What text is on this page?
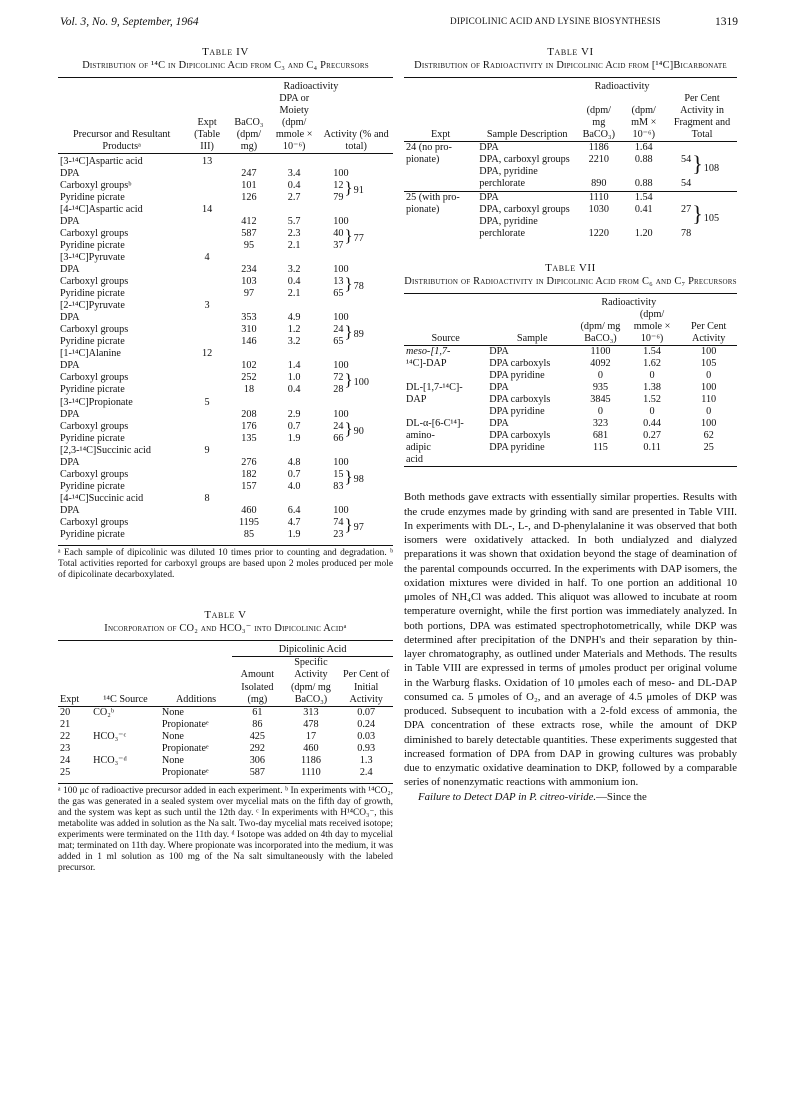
Vol. 3, No. 9, September, 1964	DIPICOLINIC ACID AND LYSINE BIOSYNTHESIS	1319
Table IV
Distribution of ¹⁴C in Dipicolinic Acid from C₃ and C₄ Precursors
		Radioactivity		
Precursor and Resultant Productsᵃ	Expt (Table III)	BaCO₃ (dpm/ mg)	DPA or Moiety (dpm/ mmole × 10⁻⁶)	Activity (% and total)
[3-¹⁴C]Aspartic acid	13			
DPA		247	3.4	100
Carboxyl groupsᵇ		101	0.4	12}91
Pyridine picrate		126	2.7	79
[4-¹⁴C]Aspartic acid	14			
DPA		412	5.7	100
Carboxyl groups		587	2.3	40}77
Pyridine picrate		95	2.1	37
[3-¹⁴C]Pyruvate	4			
DPA		234	3.2	100
Carboxyl groups		103	0.4	13}78
Pyridine picrate		97	2.1	65
[2-¹⁴C]Pyruvate	3			
DPA		353	4.9	100
Carboxyl groups		310	1.2	24}89
Pyridine picrate		146	3.2	65
[1-¹⁴C]Alanine	12			
DPA		102	1.4	100
Carboxyl groups		252	1.0	72}100
Pyridine picrate		18	0.4	28
[3-¹⁴C]Propionate	5			
DPA		208	2.9	100
Carboxyl groups		176	0.7	24}90
Pyridine picrate		135	1.9	66
[2,3-¹⁴C]Succinic acid	9			
DPA		276	4.8	100
Carboxyl groups		182	0.7	15}98
Pyridine picrate		157	4.0	83
[4-¹⁴C]Succinic acid	8			
DPA		460	6.4	100
Carboxyl groups		1195	4.7	74}97
Pyridine picrate		85	1.9	23
ᵃ Each sample of dipicolinic was diluted 10 times prior to counting and degradation. ᵇ Total activities reported for carboxyl groups are based upon 2 moles produced per mole of dipicolinate decarboxylated.
Table V
Incorporation of CO₂ and HCO₃⁻ into Dipicolinic Acidᵃ
			Dipicolinic Acid		
Expt	¹⁴C Source	Additions	Amount Isolated (mg)	Specific Activity (dpm/ mg BaCO₃)	Per Cent of Initial Activity
20	CO₂ᵇ	None	61	313	0.07
21		Propionateᵉ	86	478	0.24
22	HCO₃⁻ᶜ	None	425	17	0.03
23		Propionateᵉ	292	460	0.93
24	HCO₃⁻ᵈ	None	306	1186	1.3
25		Propionateᵉ	587	1110	2.4
ᵃ 100 μc of radioactive precursor added in each experiment. ᵇ In experiments with ¹⁴CO₂, the gas was generated in a sealed system over mycelial mats on the fifth day of growth, and the system was kept as such until the 12th day. ᶜ In experiments with H¹⁴CO₃⁻, this metabolite was added in solution as the Na salt. Two-day mycelial mats received isotope; experiments were terminated on the 11th day. ᵈ Isotope was added on 4th day to mycelial mat; terminated on 11th day. Where propionate was incorporated into the medium, it was added in 1 ml solution as 100 mg of the Na salt simultaneously with the labeled precursor.
Table VI
Distribution of Radioactivity in Dipicolinic Acid from [¹⁴C]Bicarbonate
		Radioactivity		
Expt	Sample Description	(dpm/ mg BaCO₃)	(dpm/ mM × 10⁻⁶)	Per Cent Activity in Fragment and Total
24 (no pro-	DPA	1186	1.64	
pionate)	DPA, carboxyl groups	2210	0.88	54}108
	DPA, pyridine perchlorate	890	0.88	54
25 (with pro-	DPA	1110	1.54	
pionate)	DPA, carboxyl groups	1030	0.41	27}105
	DPA, pyridine perchlorate	1220	1.20	78
Table VII
Distribution of Radioactivity in Dipicolinic Acid from C₆ and C₇ Precursors
		Radioactivity		
Source	Sample	(dpm/ mg BaCO₃)	(dpm/ mmole × 10⁻⁶)	Per Cent Activity
meso-[1,7-	DPA	1100	1.54	100
¹⁴C]-DAP	DPA carboxyls	4092	1.62	105
	DPA pyridine	0	0	0
DL-[1,7-¹⁴C]-	DPA	935	1.38	100
DAP	DPA carboxyls	3845	1.52	110
	DPA pyridine	0	0	0
DL-α-[6-C¹⁴]-	DPA	323	0.44	100
amino-	DPA carboxyls	681	0.27	62
adipic	DPA pyridine	115	0.11	25
acid				

Both methods gave extracts with essentially similar properties. Results with the crude enzymes made by grinding with sand are presented in Table VIII. In experiments with DL-, L-, and D-phenylalanine it was observed that both isomers were oxidatively attacked. In both undialyzed and dialyzed preparations it was shown that oxidation beyond the stage of deamination of the parental compounds occurred. In the experiments with DAP isomers, the oxidation mixtures were divided in half. To one portion an additional 10 μmoles of NH₄Cl was added. This aliquot was allowed to incubate at room temperature overnight, while the first portion was immediately analyzed. In both portions, DPA was estimated spectrophotometrically, while DKP was determined after precipitation of the DNPH's and their separation by thin-layer chromatography, as outlined under Materials and Methods. The results in Table VIII are expressed in terms of μmoles product per original volume in the Warburg flasks. Oxidation of 10 μmoles each of meso- and DL-DAP consumed ca. 5 μmoles of O₂, and an average of 4.5 μmoles of DKP was produced. Subsequent to incubation with a 2-fold excess of ammonia, the DPA concentration of these extracts rose, while the amount of DKP diminished to barely detectable quantities. These experiments suggested that increased formation of DPA from DAP in growing cultures was probably due to enzymatic oxidative deamination to DKP, followed by a comparable series of nonenzymatic reactions with ammonium ion.

Failure to Detect DAP in P. citreo-viride.—Since the
